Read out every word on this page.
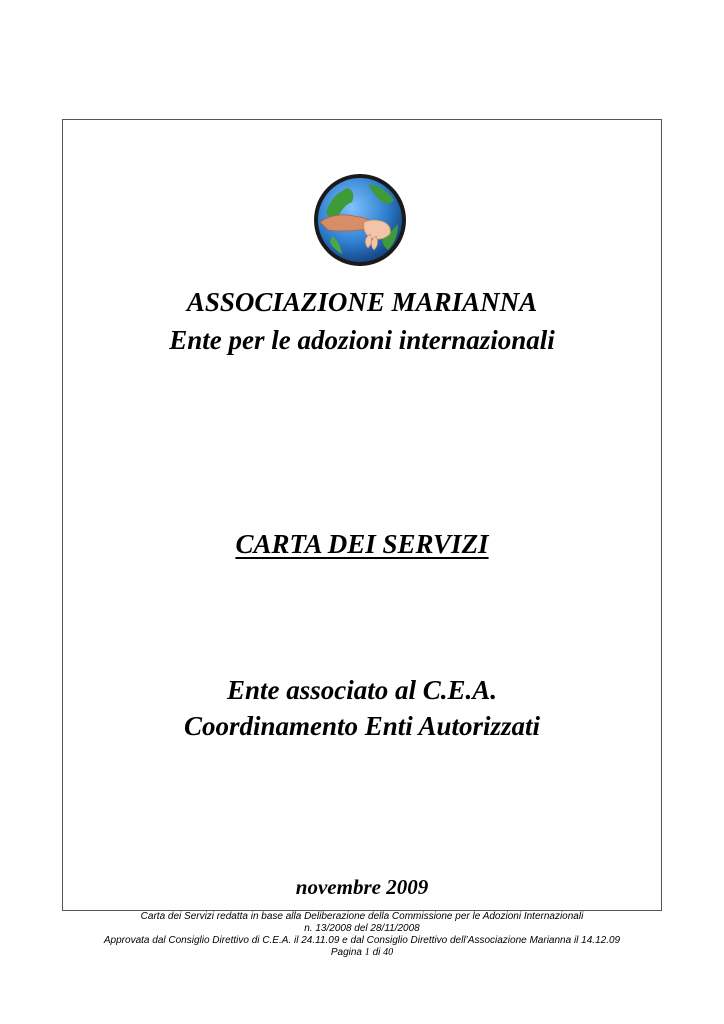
ASSOCIAZIONE MARIANNA
Ente per le adozioni internazionali
CARTA DEI SERVIZI
Ente associato al C.E.A.
Coordinamento Enti Autorizzati
novembre 2009
Carta dei Servizi redatta in base alla Deliberazione della Commissione per le Adozioni Internazionali
n. 13/2008 del 28/11/2008
Approvata dal Consiglio Direttivo di C.E.A. il 24.11.09 e dal Consiglio Direttivo dell’Associazione Marianna il 14.12.09
Pagina 1 di 40
